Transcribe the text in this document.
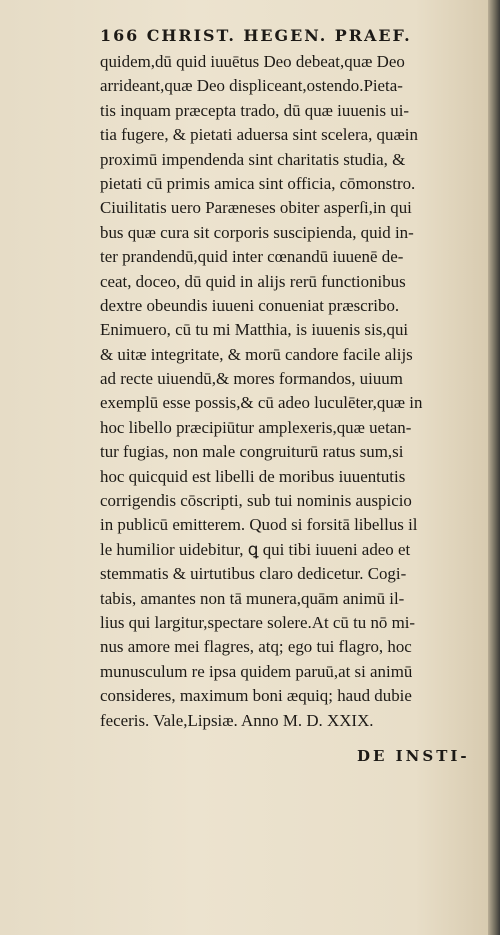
166 CHRIST. HEGEN. PRAEF.
quidem,dū quid iuuētus Deo debeat,quæ Deo
arrideant,quæ Deo displiceant,ostendo.Pieta-
tis inquam præcepta trado, dū quæ iuuenis ui-
tia fugere, & pietati aduersa sint scelera, quæin
proximū impendenda sint charitatis studia, &
pietati cū primis amica sint officia, cōmonstro.
Ciuilitatis uero Paræneses obiter asperſi,in qui
bus quæ cura sit corporis suscipienda, quid in-
ter prandendū,quid inter cœnandū iuuenē de-
ceat, doceo, dū quid in alijs rerū functionibus
dextre obeundis iuueni conueniat præscribo.
Enimuero, cū tu mi Matthia, is iuuenis sis,qui
& uitæ integritate, & morū candore facile alijs
ad recte uiuendū,& mores formandos, uiuum
exemplū esse possis,& cū adeo luculēter,quæ in
hoc libello præcipiūtur amplexeris,quæ uetan-
tur fugias, non male congruiturū ratus sum,si
hoc quicquid est libelli de moribus iuuentutis
corrigendis cōscripti, sub tui nominis auspicio
in publicū emitterem. Quod si forsitā libellus il
le humilior uidebitur, ꝗ qui tibi iuueni adeo et
stemmatis & uirtutibus claro dedicetur. Cogi-
tabis, amantes non tā munera,quām animū il-
lius qui largitur,spectare solere.At cū tu nō mi-
nus amore mei flagres, atq; ego tui flagro, hoc
munusculum re ipsa quidem paruū,at si animū
consideres, maximum boni æquiq; haud dubie
feceris. Vale,Lipsiæ. Anno M. D. XXIX.
DE INSTI-
